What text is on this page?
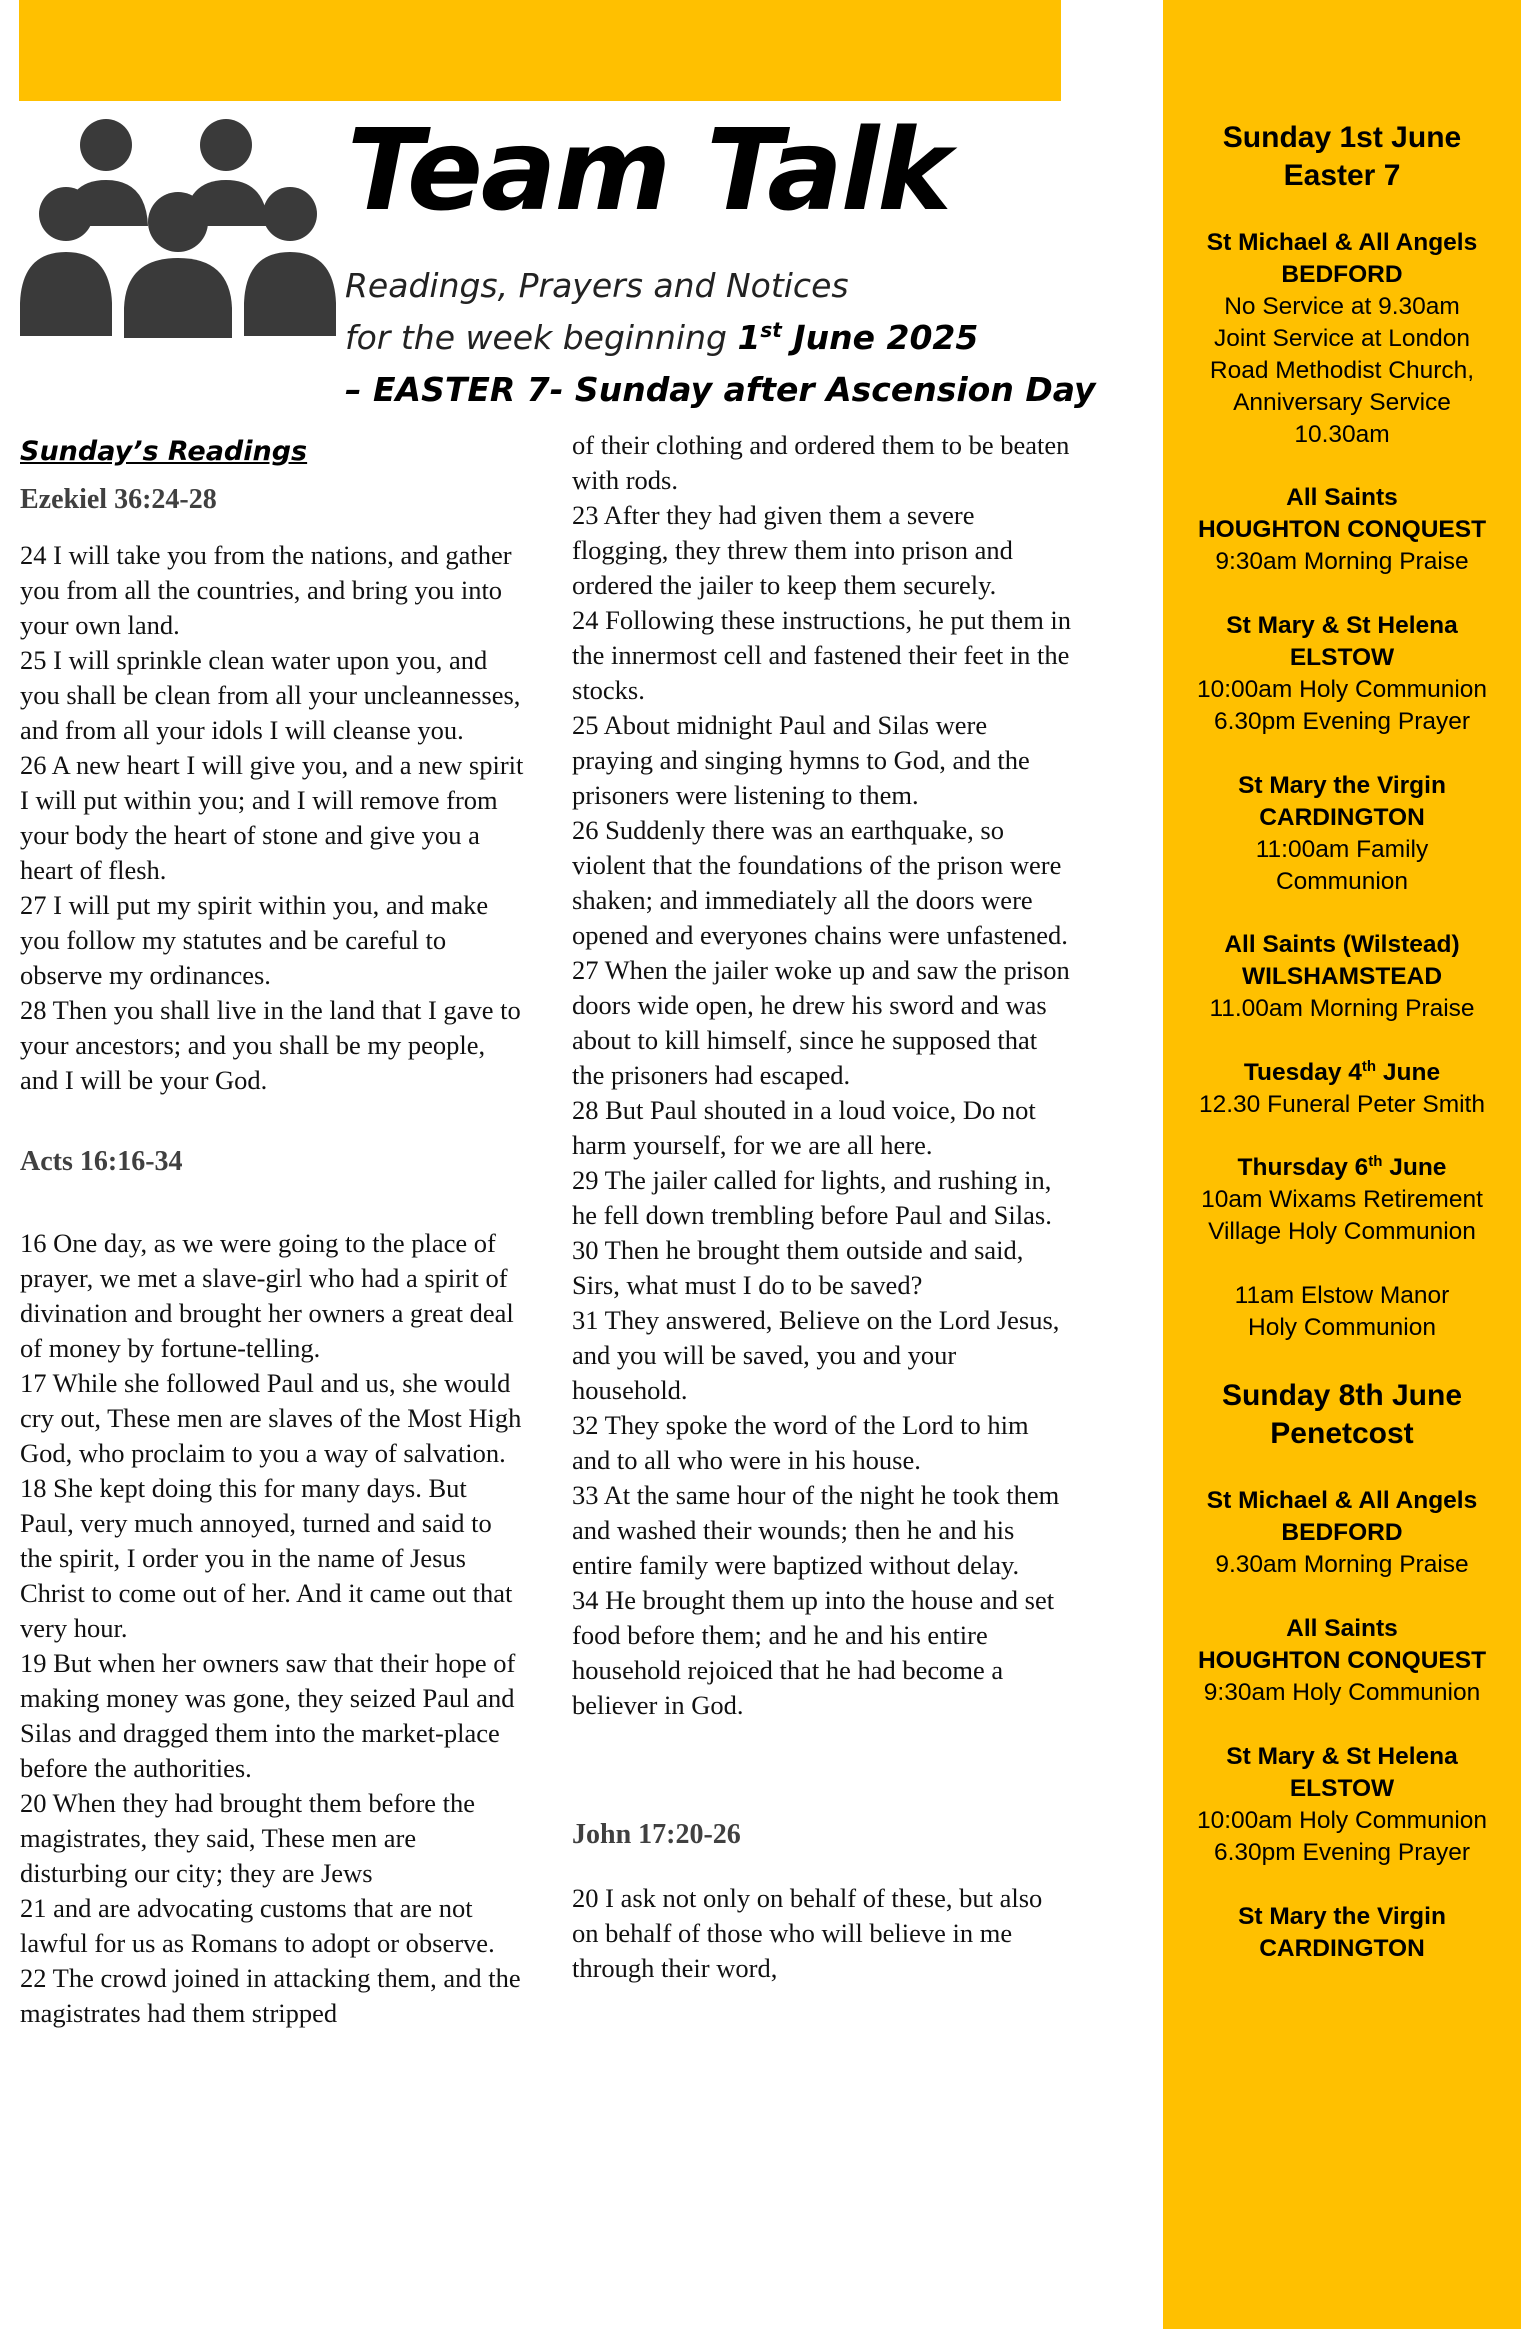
Team Talk
Readings, Prayers and Notices
for the week beginning 1st June 2025
– EASTER 7- Sunday after Ascension Day
Sunday’s Readings
Ezekiel 36:24-28
24 I will take you from the nations, and gather you from all the countries, and bring you into your own land.
25 I will sprinkle clean water upon you, and you shall be clean from all your uncleannesses, and from all your idols I will cleanse you.
26 A new heart I will give you, and a new spirit I will put within you; and I will remove from your body the heart of stone and give you a heart of flesh.
27 I will put my spirit within you, and make you follow my statutes and be careful to observe my ordinances.
28 Then you shall live in the land that I gave to your ancestors; and you shall be my people, and I will be your God.
Acts 16:16-34
16 One day, as we were going to the place of prayer, we met a slave-girl who had a spirit of divination and brought her owners a great deal of money by fortune-telling.
17 While she followed Paul and us, she would cry out, These men are slaves of the Most High God, who proclaim to you a way of salvation.
18 She kept doing this for many days. But Paul, very much annoyed, turned and said to the spirit, I order you in the name of Jesus Christ to come out of her. And it came out that very hour.
19 But when her owners saw that their hope of making money was gone, they seized Paul and Silas and dragged them into the market-place before the authorities.
20 When they had brought them before the magistrates, they said, These men are disturbing our city; they are Jews
21 and are advocating customs that are not lawful for us as Romans to adopt or observe.
22 The crowd joined in attacking them, and the magistrates had them stripped
of their clothing and ordered them to be beaten with rods.
23 After they had given them a severe flogging, they threw them into prison and ordered the jailer to keep them securely.
24 Following these instructions, he put them in the innermost cell and fastened their feet in the stocks.
25 About midnight Paul and Silas were praying and singing hymns to God, and the prisoners were listening to them.
26 Suddenly there was an earthquake, so violent that the foundations of the prison were shaken; and immediately all the doors were opened and everyones chains were unfastened.
27 When the jailer woke up and saw the prison doors wide open, he drew his sword and was about to kill himself, since he supposed that the prisoners had escaped.
28 But Paul shouted in a loud voice, Do not harm yourself, for we are all here.
29 The jailer called for lights, and rushing in, he fell down trembling before Paul and Silas.
30 Then he brought them outside and said, Sirs, what must I do to be saved?
31 They answered, Believe on the Lord Jesus, and you will be saved, you and your household.
32 They spoke the word of the Lord to him and to all who were in his house.
33 At the same hour of the night he took them and washed their wounds; then he and his entire family were baptized without delay.
34 He brought them up into the house and set food before them; and he and his entire household rejoiced that he had become a believer in God.
John 17:20-26
20 I ask not only on behalf of these, but also on behalf of those who will believe in me through their word,
Sunday 1st June
Easter 7
St Michael & All Angels
BEDFORD
No Service at 9.30am
Joint Service at London
Road Methodist Church,
Anniversary Service
10.30am
All Saints
HOUGHTON CONQUEST
9:30am Morning Praise
St Mary & St Helena
ELSTOW
10:00am Holy Communion
6.30pm Evening Prayer
St Mary the Virgin
CARDINGTON
11:00am Family
Communion
All Saints (Wilstead)
WILSHAMSTEAD
11.00am Morning Praise
Tuesday 4th June
12.30 Funeral Peter Smith
Thursday 6th June
10am Wixams Retirement
Village Holy Communion
11am Elstow Manor
Holy Communion
Sunday 8th June
Penetcost
St Michael & All Angels
BEDFORD
9.30am Morning Praise
All Saints
HOUGHTON CONQUEST
9:30am Holy Communion
St Mary & St Helena
ELSTOW
10:00am Holy Communion
6.30pm Evening Prayer
St Mary the Virgin
CARDINGTON
